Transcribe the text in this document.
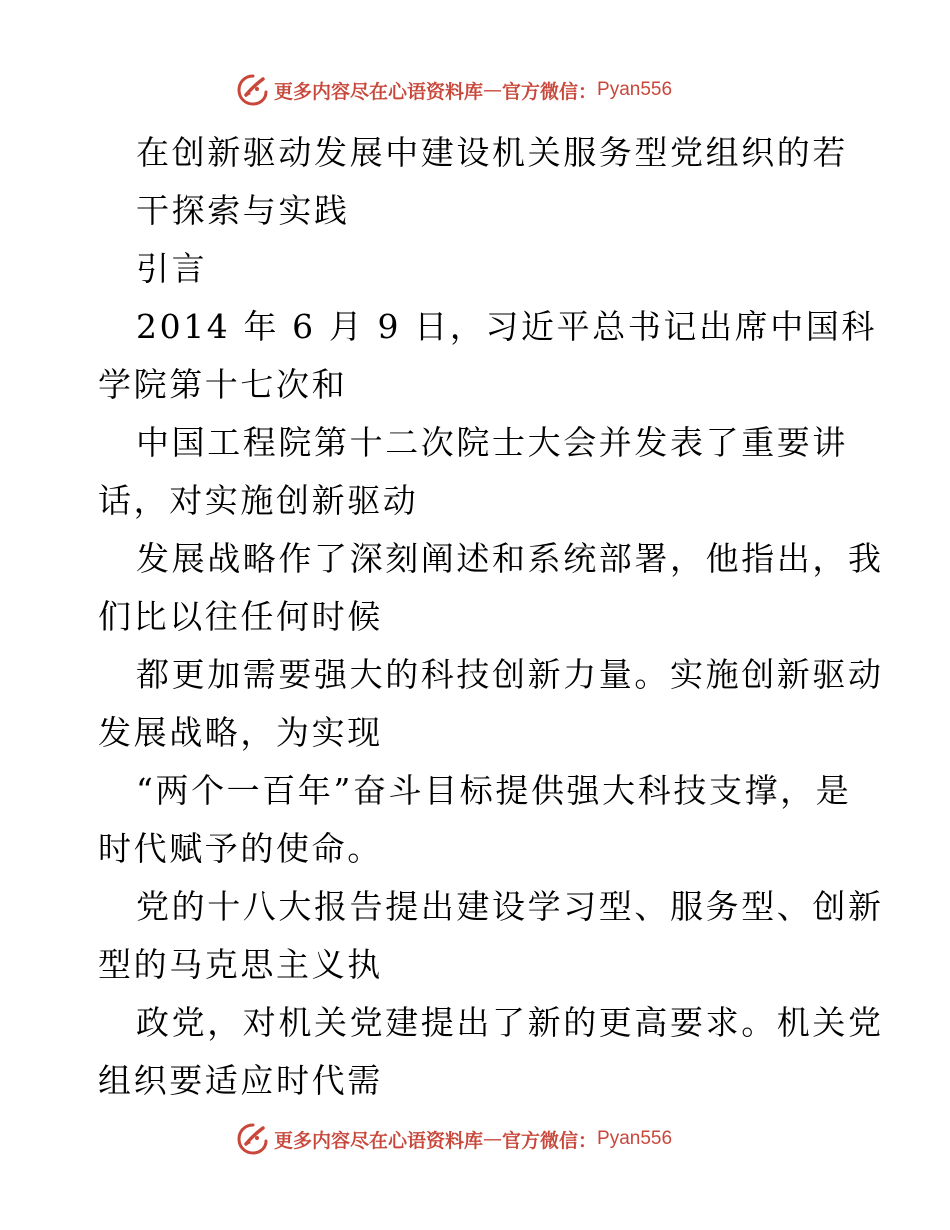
更多内容尽在心语资料库 — 官方微信： Pyan556
在创新驱动发展中建设机关服务型党组织的若
干探索与实践
引言
2014 年 6 月 9 日，习近平总书记出席中国科
学院第十七次和
中国工程院第十二次院士大会并发表了重要讲
话，对实施创新驱动
发展战略作了深刻阐述和系统部署，他指出，我
们比以往任何时候
都更加需要强大的科技创新力量。实施创新驱动
发展战略，为实现
“两个一百年”奋斗目标提供强大科技支撑，是
时代赋予的使命。
党的十八大报告提出建设学习型、服务型、创新
型的马克思主义执
政党，对机关党建提出了新的更高要求。机关党
组织要适应时代需
更多内容尽在心语资料库 — 官方微信： Pyan556
